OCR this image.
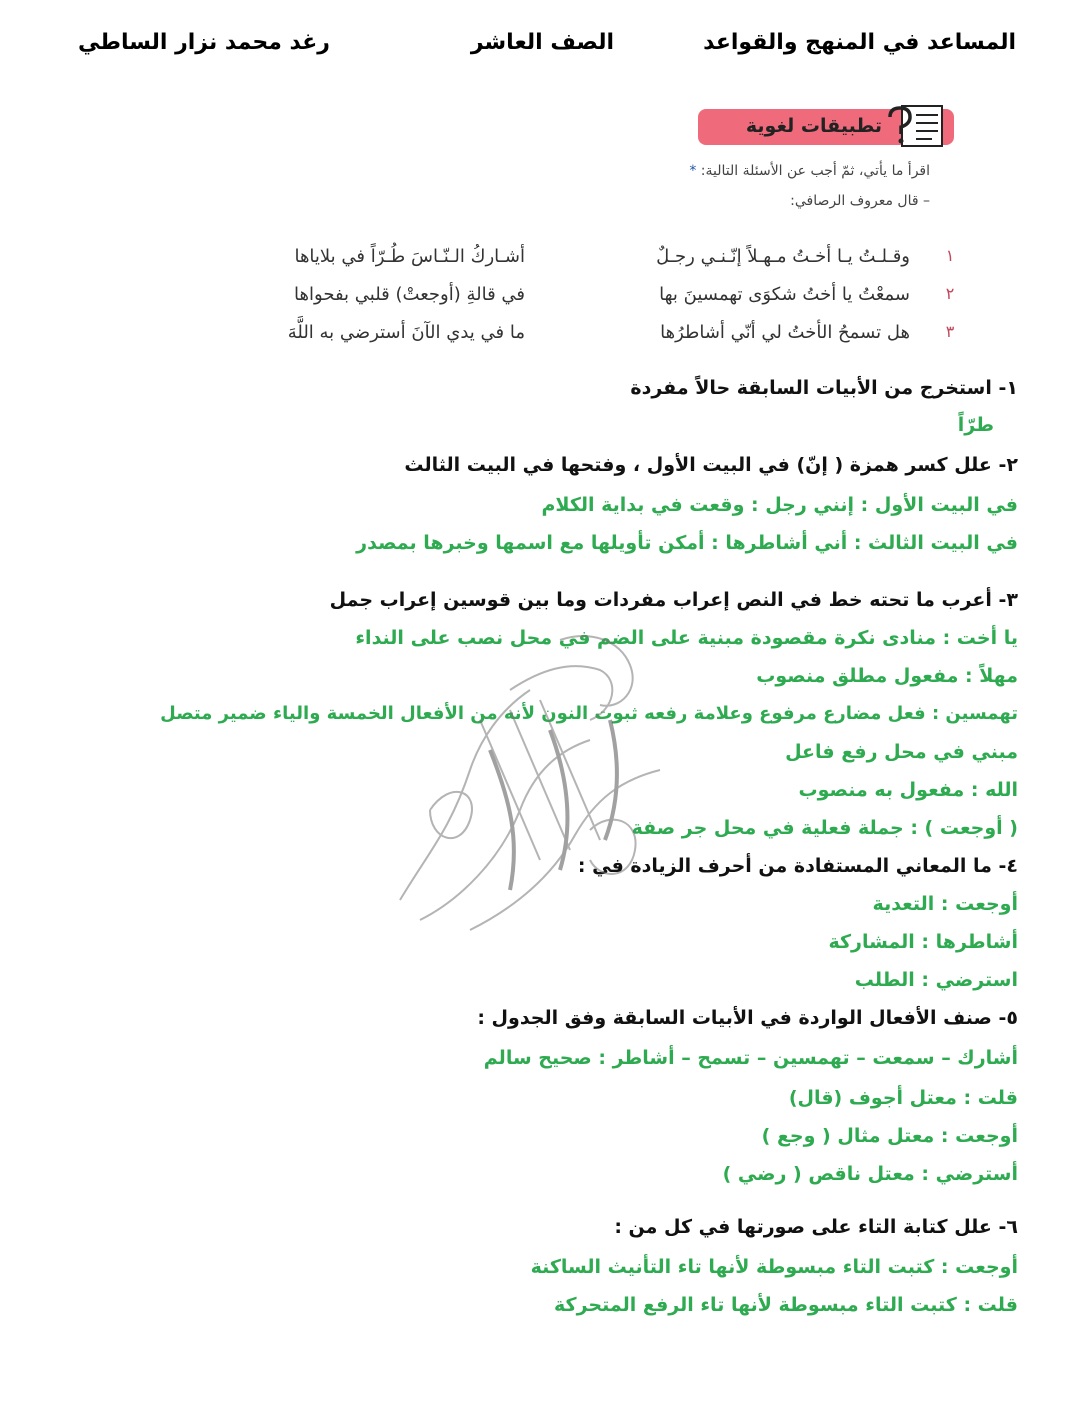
المساعد في المنهج والقواعد
الصف العاشر
رغد محمد نزار الساطي
تطبيقات لغوية
اقرأ ما يأتي، ثمّ أجب عن الأسئلة التالية: *
– قال معروف الرصافي:
١
وقـلـتُ يـا أخـتُ مـهـلاً إنّـنـي رجـلٌ
أشـاركُ الـنّـاسَ طُـرّاً في بلاياها
٢
سمعْتُ يا أختُ شكوَى تهمسينَ بها
في قالةِ (أوجعتْ) قلبي بفحواها
٣
هل تسمحُ الأختُ لي أنّي أشاطرُها
ما في يدي الآنَ أسترضي به اللَّهَ
١- استخرج من الأبيات السابقة حالاً مفردة
طرّاً
٢- علل كسر همزة ( إنّ) في البيت الأول ، وفتحها في البيت الثالث
في البيت الأول : إنني رجل : وقعت في بداية الكلام
في البيت الثالث : أني أشاطرها : أمكن تأويلها مع اسمها وخبرها بمصدر
٣- أعرب ما تحته خط في النص إعراب مفردات وما بين قوسين إعراب جمل
يا أخت : منادى نكرة مقصودة مبنية على الضم في محل نصب على النداء
مهلاً : مفعول مطلق منصوب
تهمسين : فعل مضارع مرفوع وعلامة رفعه ثبوت النون لأنه من الأفعال الخمسة والياء ضمير متصل
مبني في محل رفع فاعل
الله : مفعول به منصوب
( أوجعت ) : جملة فعلية في محل جر صفة
٤- ما المعاني المستفادة من أحرف الزيادة في :
أوجعت : التعدية
أشاطرها : المشاركة
استرضي : الطلب
٥- صنف الأفعال الواردة في الأبيات السابقة وفق الجدول :
أشارك – سمعت – تهمسين – تسمح – أشاطر : صحيح سالم
قلت : معتل أجوف (قال)
أوجعت : معتل مثال ( وجع )
أسترضي : معتل ناقص ( رضي )
٦- علل كتابة التاء على صورتها في كل من :
أوجعت : كتبت التاء مبسوطة لأنها تاء التأنيث الساكنة
قلت : كتبت التاء مبسوطة لأنها تاء الرفع المتحركة
